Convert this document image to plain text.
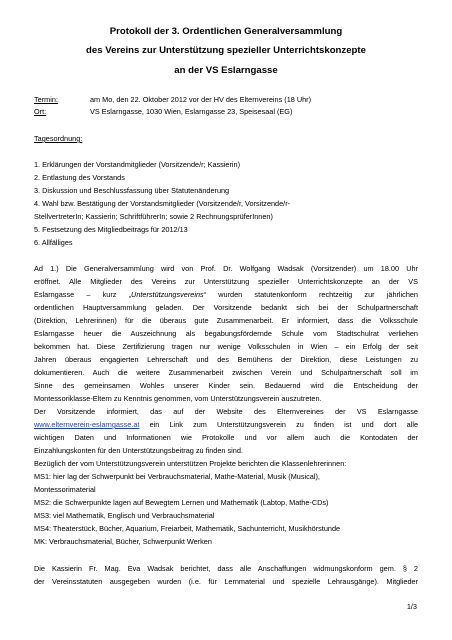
Protokoll der 3. Ordentlichen Generalversammlung
des Vereins zur Unterstützung spezieller Unterrichtskonzepte
an der VS Eslarngasse
Termin:	am Mo, den 22. Oktober 2012 vor der HV des Elternvereins (18 Uhr)
Ort:	VS Eslarngasse, 1030 Wien, Eslarngasse 23, Speisesaal (EG)
Tagesordnung:
1. Erklärungen der Vorstandmitglieder (Vorsitzende/r; Kassierin)
2. Entlastung des Vorstands
3. Diskussion und Beschlussfassung über Statutenänderung
4. Wahl bzw. Bestätigung der Vorstandsmitglieder (Vorsitzende/r, Vorsitzende/r-
StellvertreterIn; Kassierin; SchriftführerIn; sowie 2 RechnungsprüferInnen)
5. Festsetzung des Mitgliedbeitrags für 2012/13
6. Allfälliges
Ad 1.) Die Generalversammlung wird von Prof. Dr. Wolfgang Wadsak (Vorsitzender) um 18.00 Uhr
eröffnet. Alle Mitglieder des Vereins zur Unterstützung spezieller Unterrichtskonzepte an der VS
Eslarngasse – kurz „Unterstützungsvereins“ wurden statutenkonform rechtzeitig zur jährlichen
ordentlichen Hauptversammlung geladen. Der Vorsitzende bedankt sich bei der Schulpartnerschaft
(Direktion, Lehrerinnen) für die überaus gute Zusammenarbeit. Er informiert, dass die Volksschule
Eslarngasse heuer die Auszeichnung als begabungsfördernde Schule vom Stadtschulrat verliehen
bekommen hat. Diese Zertifizierung tragen nur wenige Volksschulen in Wien – ein Erfolg der seit
Jahren überaus engagierten Lehrerschaft und des Bemühens der Direktion, diese Leistungen zu
dokumentieren. Auch die weitere Zusammenarbeit zwischen Verein und Schulpartnerschaft soll im
Sinne des gemeinsamen Wohles unserer Kinder sein. Bedauernd wird die Entscheidung der
Montessoriklasse-Eltern zu Kenntnis genommen, vom Unterstützungsverein auszutreten.
Der Vorsitzende informiert, das auf der Website des Elternvereines der VS Eslarngasse
www.elternverein-eslarngasse.at ein Link zum Unterstützungsverein zu finden ist und dort alle
wichtigen Daten und Informationen wie Protokolle und vor allem auch die Kontodaten der
Einzahlungskonten für den Unterstützungsbeitrag zu finden sind.
Bezüglich der vom Unterstützungsverein unterstützen Projekte berichten die Klassenlehrerinnen:
MS1: hier lag der Schwerpunkt bei Verbrauchsmaterial, Mathe-Material, Musik (Musical),
Montessorimaterial
MS2: die Schwerpunkte lagen auf Bewegtem Lernen und Mathematik (Labtop, Mathe-CDs)
MS3: viel Mathematik, Englisch und Verbrauchsmaterial
MS4: Theaterstück, Bücher, Aquarium, Freiarbeit, Mathematik, Sachunterricht, Musikhörstunde
MK: Verbrauchsmaterial, Bücher, Schwerpunkt Werken
Die Kassierin Fr. Mag. Eva Wadsak berichtet, dass alle Anschaffungen widmungskonform gem. § 2
der Vereinsstatuten ausgegeben wurden (i.e. für Lernmaterial und spezielle Lehrausgänge). Mitglieder
1/3
